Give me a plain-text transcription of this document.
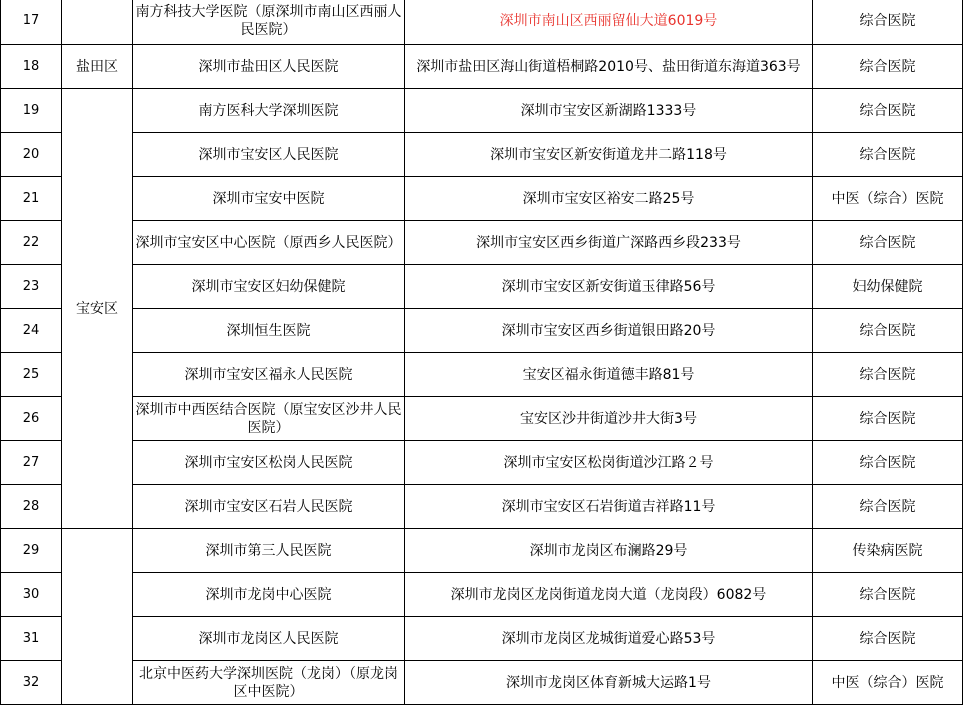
17		南方科技大学医院（原深圳市南山区西丽人民医院）	深圳市南山区西丽留仙大道6019号	综合医院
18	盐田区	深圳市盐田区人民医院	深圳市盐田区海山街道梧桐路2010号、盐田街道东海道363号	综合医院
19	宝安区	南方医科大学深圳医院	深圳市宝安区新湖路1333号	综合医院
20		深圳市宝安区人民医院	深圳市宝安区新安街道龙井二路118号	综合医院
21		深圳市宝安中医院	深圳市宝安区裕安二路25号	中医（综合）医院
22		深圳市宝安区中心医院（原西乡人民医院）	深圳市宝安区西乡街道广深路西乡段233号	综合医院
23		深圳市宝安区妇幼保健院	深圳市宝安区新安街道玉律路56号	妇幼保健院
24		深圳恒生医院	深圳市宝安区西乡街道银田路20号	综合医院
25		深圳市宝安区福永人民医院	宝安区福永街道德丰路81号	综合医院
26		深圳市中西医结合医院（原宝安区沙井人民医院）	宝安区沙井街道沙井大街3号	综合医院
27		深圳市宝安区松岗人民医院	深圳市宝安区松岗街道沙江路２号	综合医院
28		深圳市宝安区石岩人民医院	深圳市宝安区石岩街道吉祥路11号	综合医院
29		深圳市第三人民医院	深圳市龙岗区布澜路29号	传染病医院
30		深圳市龙岗中心医院	深圳市龙岗区龙岗街道龙岗大道（龙岗段）6082号	综合医院
31		深圳市龙岗区人民医院	深圳市龙岗区龙城街道爱心路53号	综合医院
32		北京中医药大学深圳医院（龙岗）（原龙岗区中医院）	深圳市龙岗区体育新城大运路1号	中医（综合）医院
